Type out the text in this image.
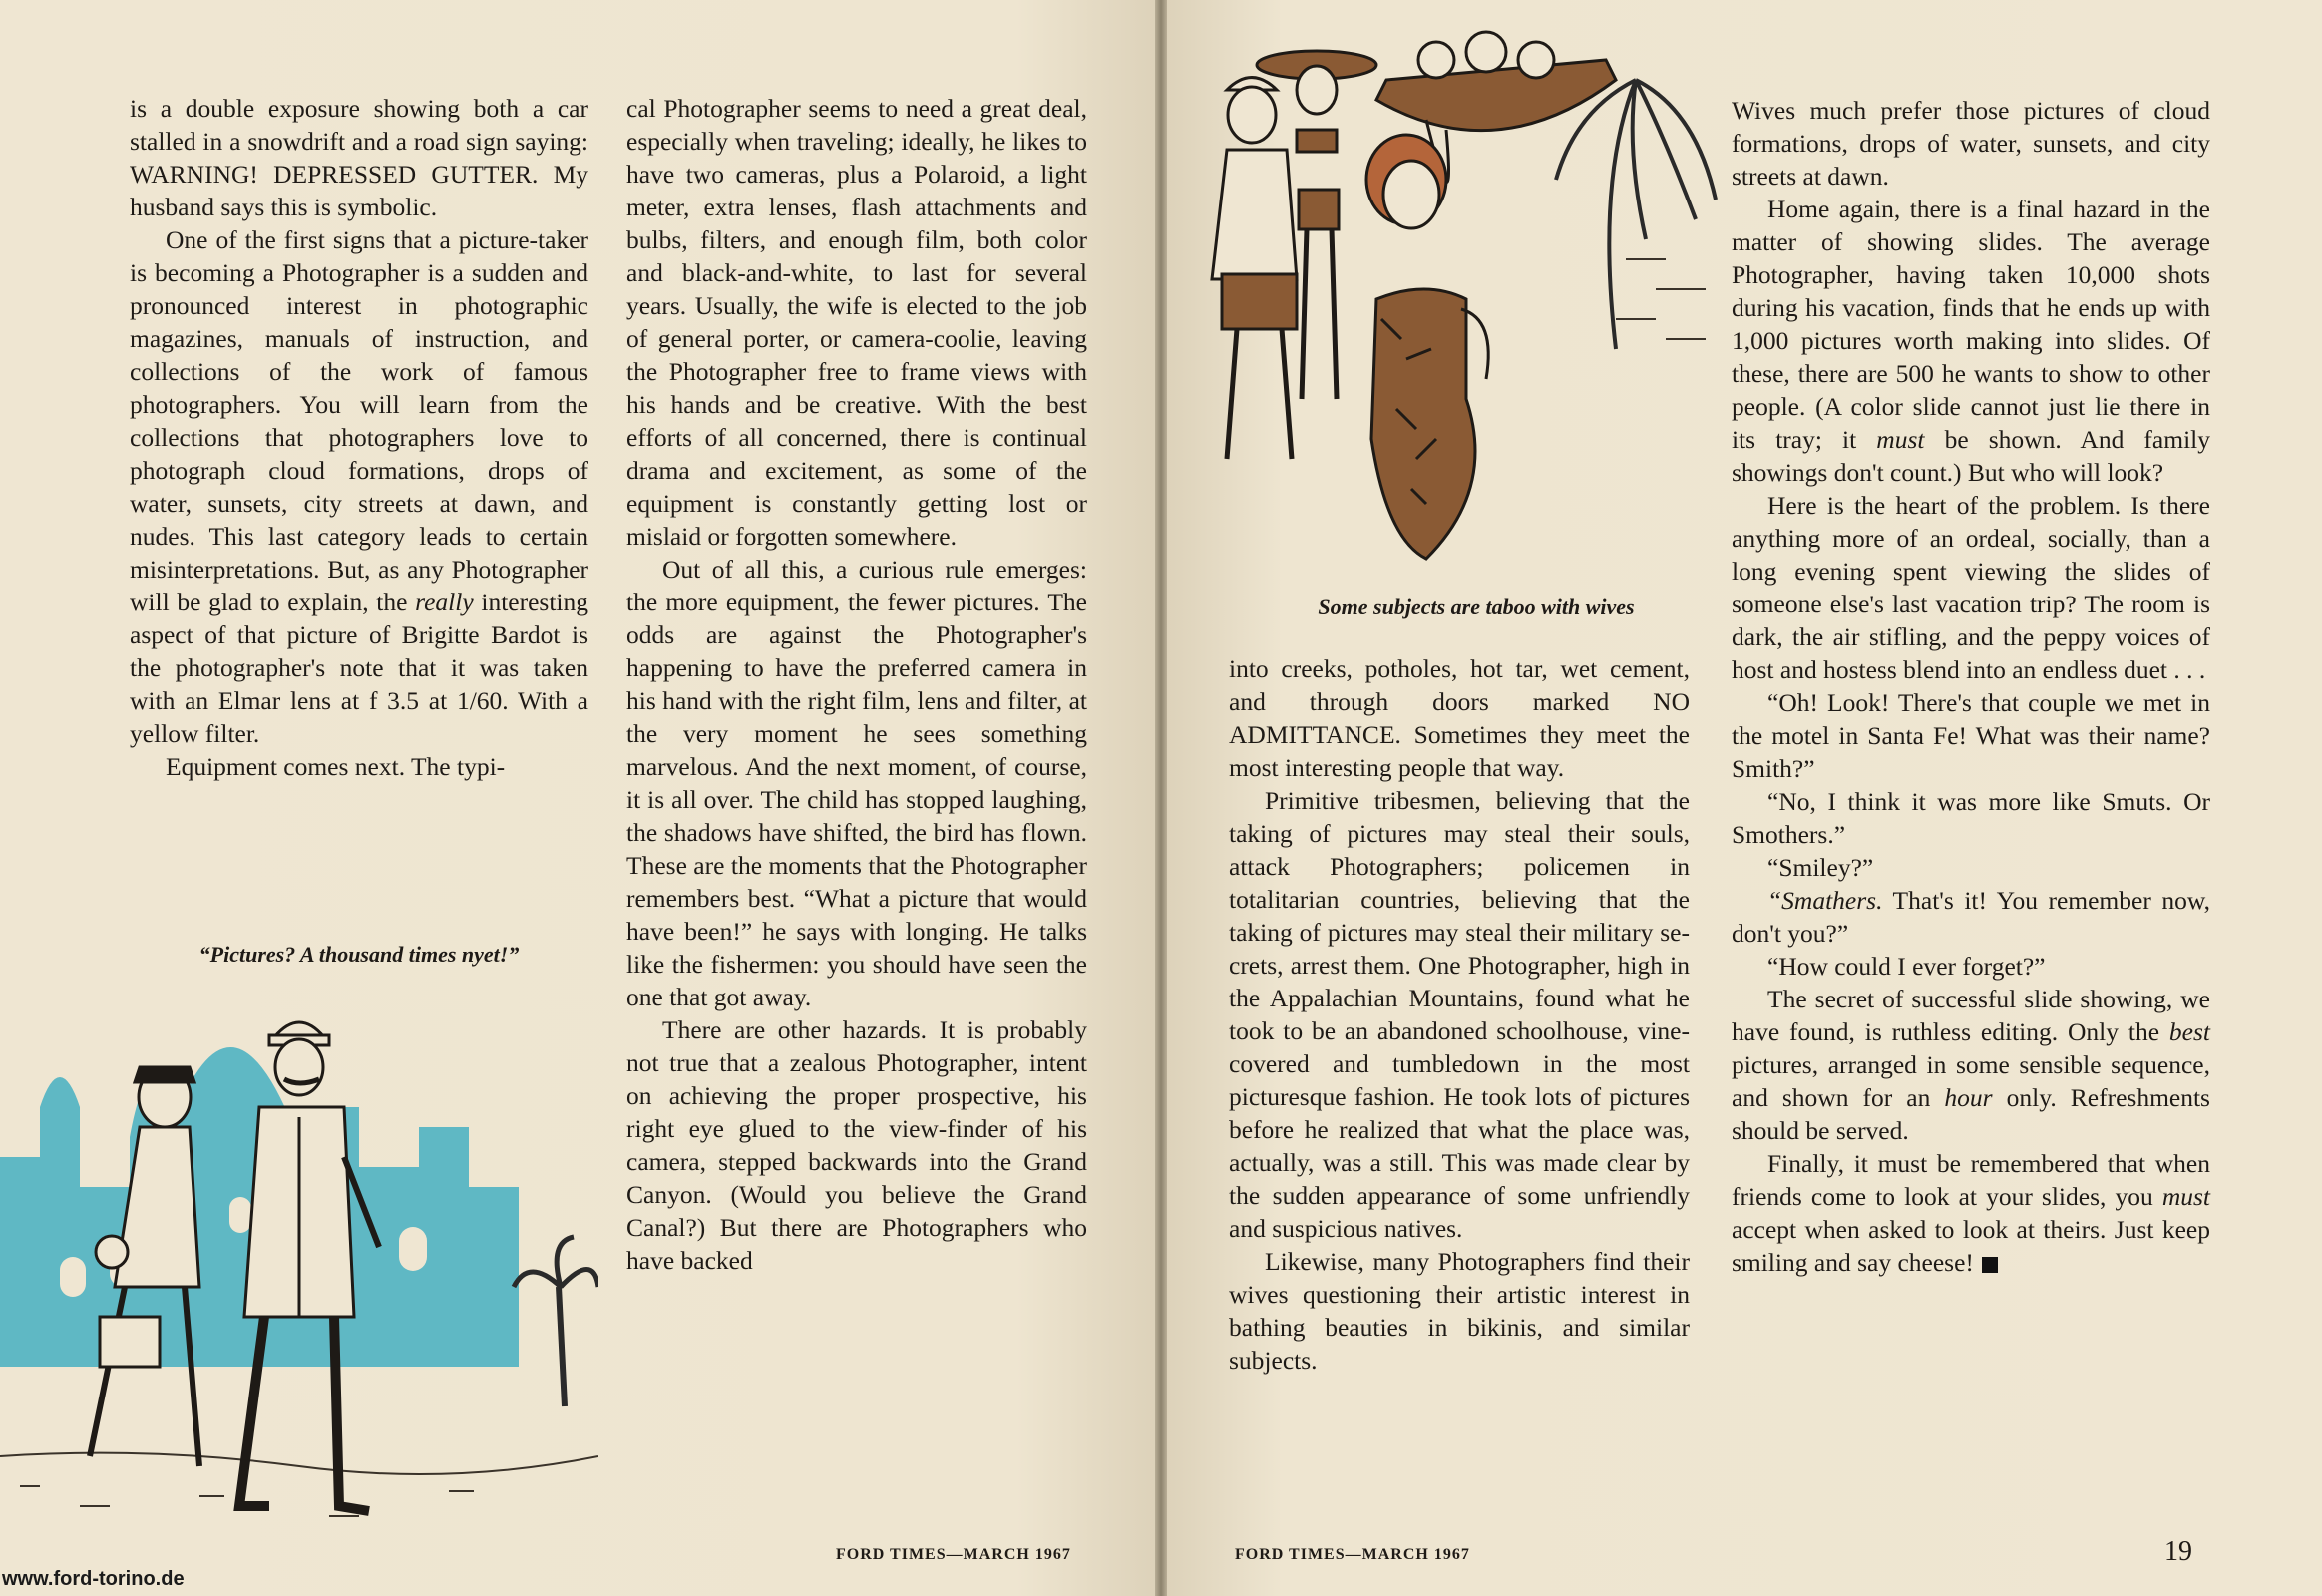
is a double exposure showing both a car stalled in a snowdrift and a road sign saying: WARNING! DEPRESSED GUTTER. My husband says this is symbolic.

One of the first signs that a picture-taker is becoming a Photographer is a sudden and pronounced interest in photographic magazines, manuals of instruction, and collections of the work of famous photographers. You will learn from the collections that photographers love to photograph cloud formations, drops of water, sunsets, city streets at dawn, and nudes. This last category leads to certain misinterpretations. But, as any Photographer will be glad to explain, the really interesting aspect of that picture of Brigitte Bardot is the photographer's note that it was taken with an Elmar lens at f 3.5 at 1/60. With a yellow filter.

Equipment comes next. The typi-

“Pictures? A thousand times nyet!”

cal Photographer seems to need a great deal, especially when traveling; ideally, he likes to have two cameras, plus a Polaroid, a light meter, extra lenses, flash attachments and bulbs, filters, and enough film, both color and black-and-white, to last for several years. Usually, the wife is elected to the job of general porter, or camera-coolie, leaving the Photographer free to frame views with his hands and be creative. With the best efforts of all concerned, there is continual drama and excitement, as some of the equipment is constantly getting lost or mislaid or forgotten somewhere.

Out of all this, a curious rule emerges: the more equipment, the fewer pictures. The odds are against the Photographer's happening to have the preferred camera in his hand with the right film, lens and filter, at the very moment he sees something marvelous. And the next moment, of course, it is all over. The child has stopped laughing, the shadows have shifted, the bird has flown. These are the moments that the Photographer remembers best. “What a picture that would have been!” he says with longing. He talks like the fishermen: you should have seen the one that got away.

There are other hazards. It is probably not true that a zealous Photographer, intent on achieving the proper prospective, his right eye glued to the view-finder of his camera, stepped backwards into the Grand Canyon. (Would you believe the Grand Canal?) But there are Photographers who have backed

FORD TIMES—MARCH 1967
www.ford-torino.de
Some subjects are taboo with wives

into creeks, potholes, hot tar, wet cement, and through doors marked NO ADMITTANCE. Sometimes they meet the most interesting people that way.

Primitive tribesmen, believing that the taking of pictures may steal their souls, attack Photographers; policemen in totalitarian countries, believing that the taking of pictures may steal their military secrets, arrest them. One Photographer, high in the Appalachian Mountains, found what he took to be an abandoned schoolhouse, vine-covered and tumbledown in the most picturesque fashion. He took lots of pictures before he realized that what the place was, actually, was a still. This was made clear by the sudden appearance of some unfriendly and suspicious natives.

Likewise, many Photographers find their wives questioning their artistic interest in bathing beauties in bikinis, and similar subjects.

Wives much prefer those pictures of cloud formations, drops of water, sunsets, and city streets at dawn.

Home again, there is a final hazard in the matter of showing slides. The average Photographer, having taken 10,000 shots during his vacation, finds that he ends up with 1,000 pictures worth making into slides. Of these, there are 500 he wants to show to other people. (A color slide cannot just lie there in its tray; it must be shown. And family showings don't count.) But who will look?

Here is the heart of the problem. Is there anything more of an ordeal, socially, than a long evening spent viewing the slides of someone else's last vacation trip? The room is dark, the air stifling, and the peppy voices of host and hostess blend into an endless duet . . .

“Oh! Look! There's that couple we met in the motel in Santa Fe! What was their name? Smith?”

“No, I think it was more like Smuts. Or Smothers.”

“Smiley?”

“Smathers. That's it! You remember now, don't you?”

“How could I ever forget?”

The secret of successful slide showing, we have found, is ruthless editing. Only the best pictures, arranged in some sensible sequence, and shown for an hour only. Refreshments should be served.

Finally, it must be remembered that when friends come to look at your slides, you must accept when asked to look at theirs. Just keep smiling and say cheese!

FORD TIMES—MARCH 1967	19
